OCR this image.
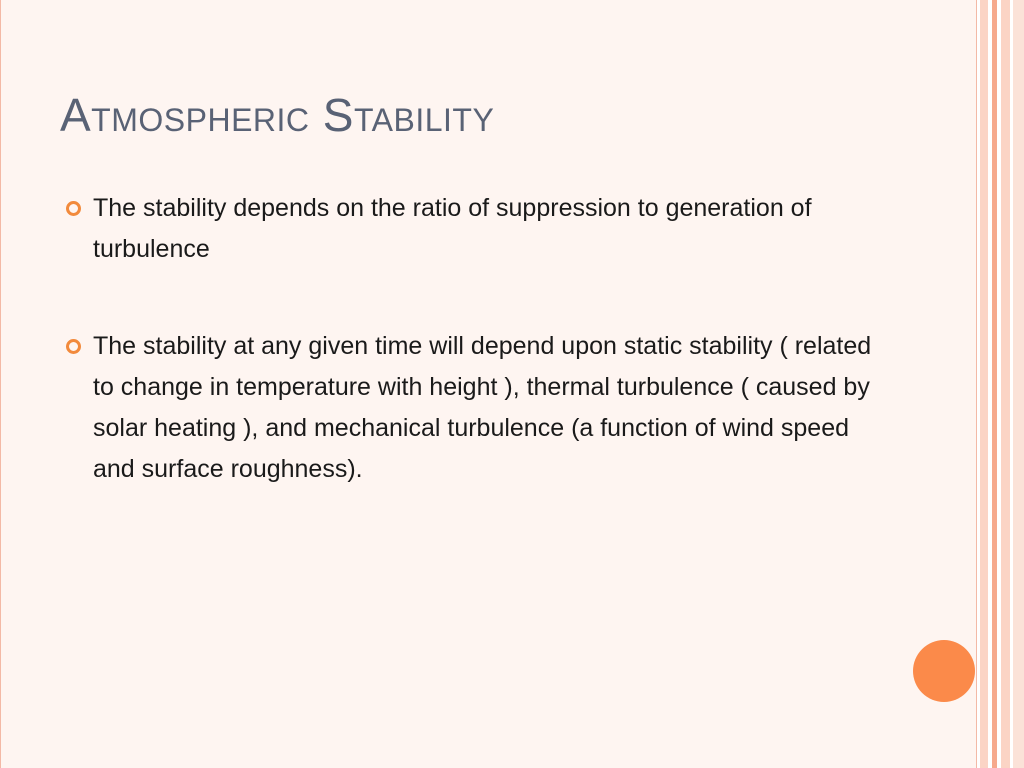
Atmospheric Stability
The stability depends on the ratio of suppression to generation of turbulence
The stability at any given time will depend upon static stability ( related to change in temperature with height ), thermal turbulence ( caused by solar heating ), and mechanical turbulence (a function of wind speed and surface roughness).
